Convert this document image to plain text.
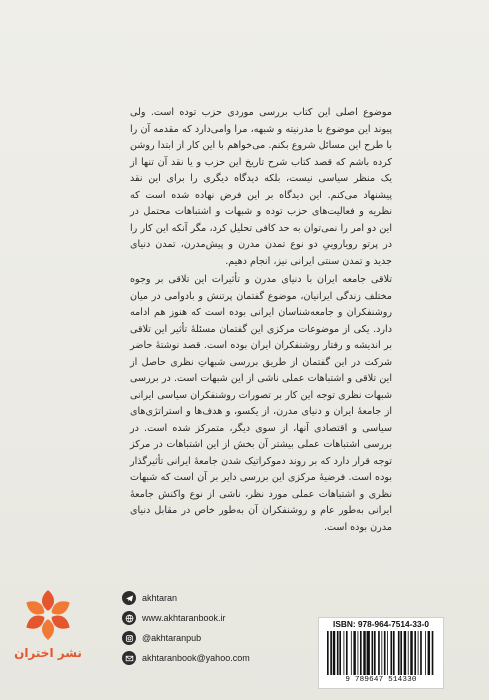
موضوع اصلی این کتاب بررسی موردی حزب توده است. ولی پیوند این موضوع با مدرنیته و شبهه، مرا وامی‌دارد که مقدمه آن را با طرح این مسائل شروع بکنم. می‌خواهم با این کار از ابتدا روشن کرده باشم که قصد کتاب شرح تاریخ این حزب و یا نقد آن تنها از یک منظر سیاسی نیست، بلکه دیدگاه دیگری را برای این نقد پیشنهاد می‌کنم. این دیدگاه بر این فرض نهاده شده است که نظریه و فعالیت‌های حزب توده و شبهات و اشتباهات محتمل در این دو امر را نمی‌توان به حد کافی تحلیل کرد، مگر آنکه این کار را در پرتو رویاروییِ دو نوع تمدن مدرن و پیش‌مدرن، تمدن دنیای جدید و تمدن سنتی ایرانی نیز، انجام دهیم.

تلاقی جامعه ایران با دنیای مدرن و تأثیرات این تلاقی بر وجوه مختلف زندگی ایرانیان، موضوع گفتمان پرتنش و بادوامی در میان روشنفکران و جامعه‌شناسان ایرانی بوده است که هنوز هم ادامه دارد. یکی از موضوعات مرکزی این گفتمان مسئلهٔ تأثیر این تلاقی بر اندیشه و رفتار روشنفکران ایران بوده است. قصد نوشتهٔ حاضر شرکت در این گفتمان از طریق بررسی شبهاتِ نظری حاصل از این تلاقی و اشتباهات عملی ناشی از این شبهات است. در بررسی شبهات نظری توجه این کار بر تصورات روشنفکران سیاسی ایرانی از جامعهٔ ایران و دنیای مدرن، از یکسو، و هدف‌ها و استراتژی‌های سیاسی و اقتصادی آنها، از سوی دیگر، متمرکز شده است. در بررسی اشتباهات عملی بیشتر آن بخش از این اشتباهات در مرکز توجه قرار دارد که بر روند دموکراتیک شدن جامعهٔ ایرانی تأثیرگذار بوده است. فرضیهٔ مرکزی این بررسی دایر بر آن است که شبهات نظری و اشتباهات عملی مورد نظر، ناشی از نوع واکنش جامعهٔ ایرانی به‌طور عام و روشنفکران آن به‌طور خاص در مقابل دنیای مدرن بوده است.

نشر اختران
akhtaran
www.akhtaranbook.ir
@akhtaranpub
akhtaranbook@yahoo.com
ISBN: 978-964-7514-33-0
9 789647 514330
